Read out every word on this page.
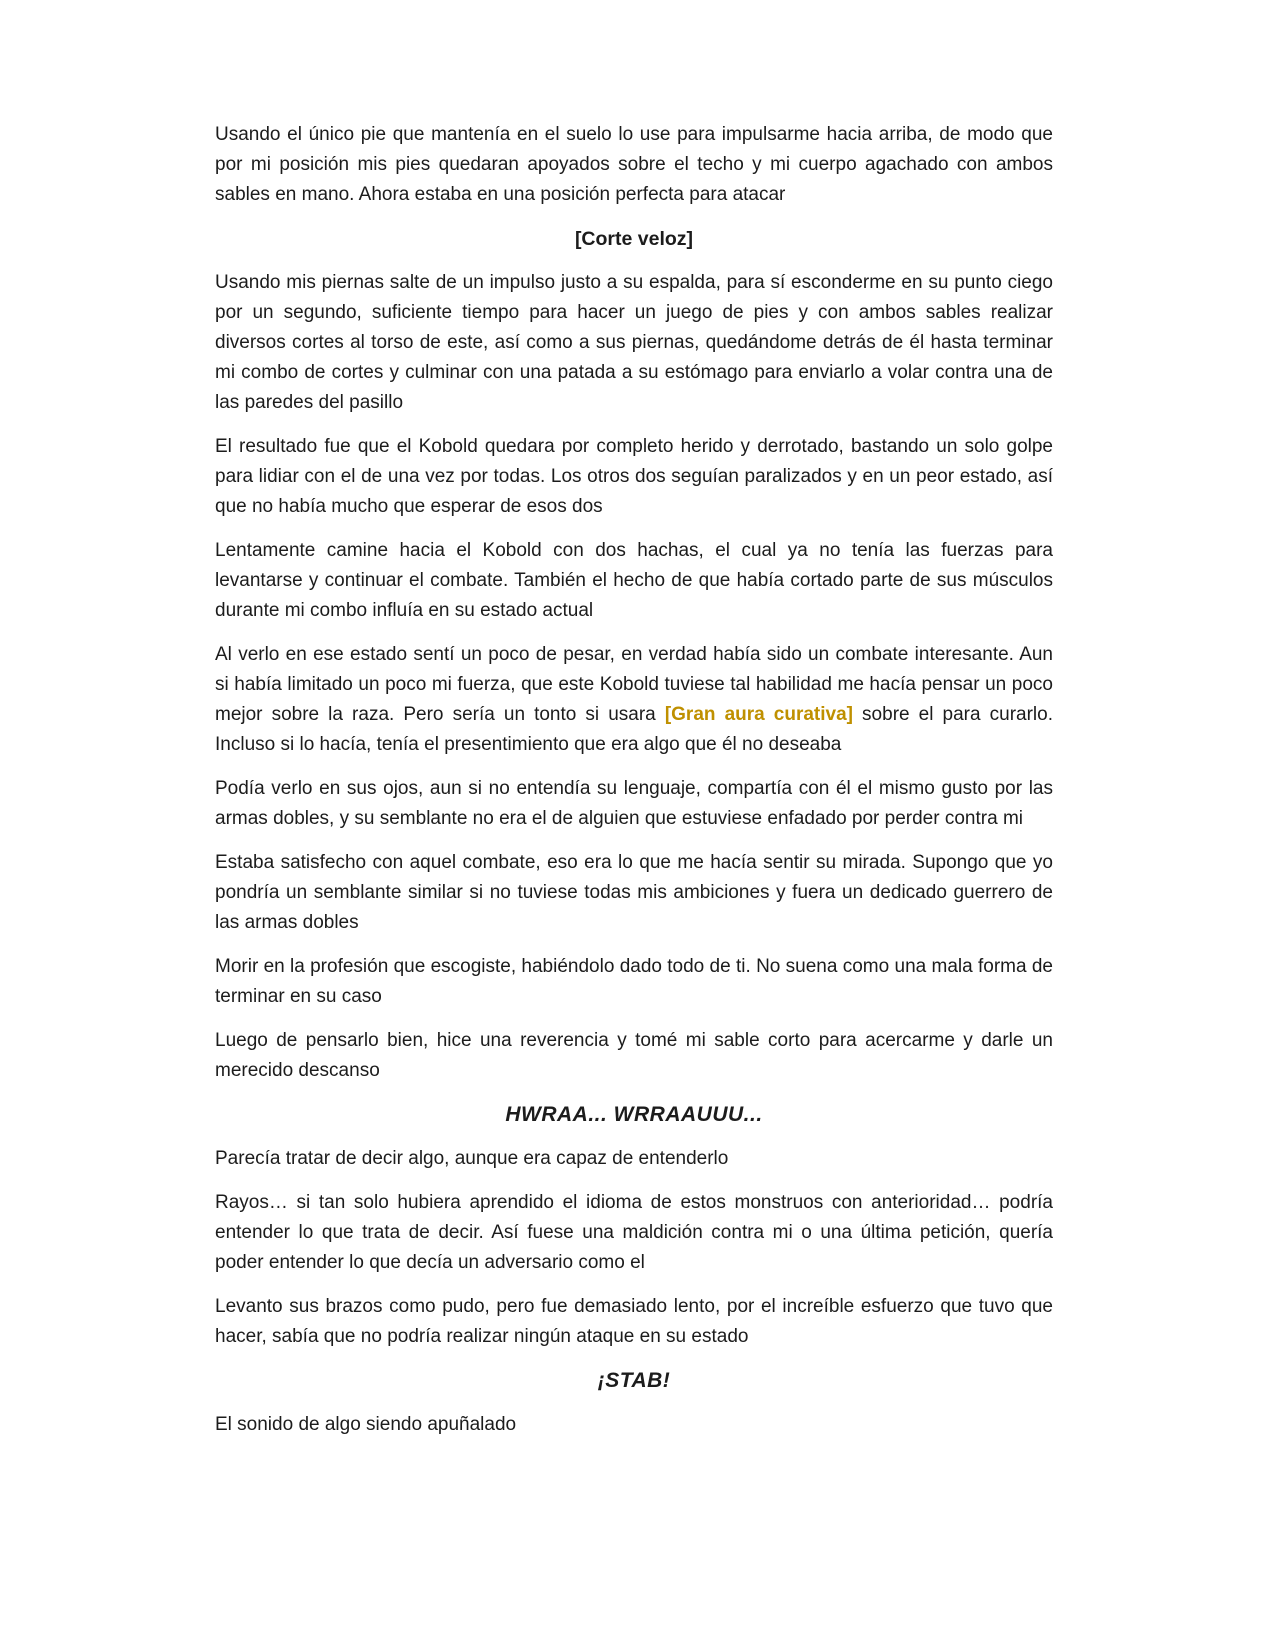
Usando el único pie que mantenía en el suelo lo use para impulsarme hacia arriba, de modo que por mi posición mis pies quedaran apoyados sobre el techo y mi cuerpo agachado con ambos sables en mano. Ahora estaba en una posición perfecta para atacar

[Corte veloz]

Usando mis piernas salte de un impulso justo a su espalda, para sí esconderme en su punto ciego por un segundo, suficiente tiempo para hacer un juego de pies y con ambos sables realizar diversos cortes al torso de este, así como a sus piernas, quedándome detrás de él hasta terminar mi combo de cortes y culminar con una patada a su estómago para enviarlo a volar contra una de las paredes del pasillo

El resultado fue que el Kobold quedara por completo herido y derrotado, bastando un solo golpe para lidiar con el de una vez por todas. Los otros dos seguían paralizados y en un peor estado, así que no había mucho que esperar de esos dos

Lentamente camine hacia el Kobold con dos hachas, el cual ya no tenía las fuerzas para levantarse y continuar el combate. También el hecho de que había cortado parte de sus músculos durante mi combo influía en su estado actual

Al verlo en ese estado sentí un poco de pesar, en verdad había sido un combate interesante. Aun si había limitado un poco mi fuerza, que este Kobold tuviese tal habilidad me hacía pensar un poco mejor sobre la raza. Pero sería un tonto si usara [Gran aura curativa] sobre el para curarlo. Incluso si lo hacía, tenía el presentimiento que era algo que él no deseaba

Podía verlo en sus ojos, aun si no entendía su lenguaje, compartía con él el mismo gusto por las armas dobles, y su semblante no era el de alguien que estuviese enfadado por perder contra mi

Estaba satisfecho con aquel combate, eso era lo que me hacía sentir su mirada. Supongo que yo pondría un semblante similar si no tuviese todas mis ambiciones y fuera un dedicado guerrero de las armas dobles

Morir en la profesión que escogiste, habiéndolo dado todo de ti. No suena como una mala forma de terminar en su caso

Luego de pensarlo bien, hice una reverencia y tomé mi sable corto para acercarme y darle un merecido descanso

HWRAA... WRRAAUUU...

Parecía tratar de decir algo, aunque era capaz de entenderlo

Rayos… si tan solo hubiera aprendido el idioma de estos monstruos con anterioridad… podría entender lo que trata de decir. Así fuese una maldición contra mi o una última petición, quería poder entender lo que decía un adversario como el

Levanto sus brazos como pudo, pero fue demasiado lento, por el increíble esfuerzo que tuvo que hacer, sabía que no podría realizar ningún ataque en su estado

¡STAB!

El sonido de algo siendo apuñalado
